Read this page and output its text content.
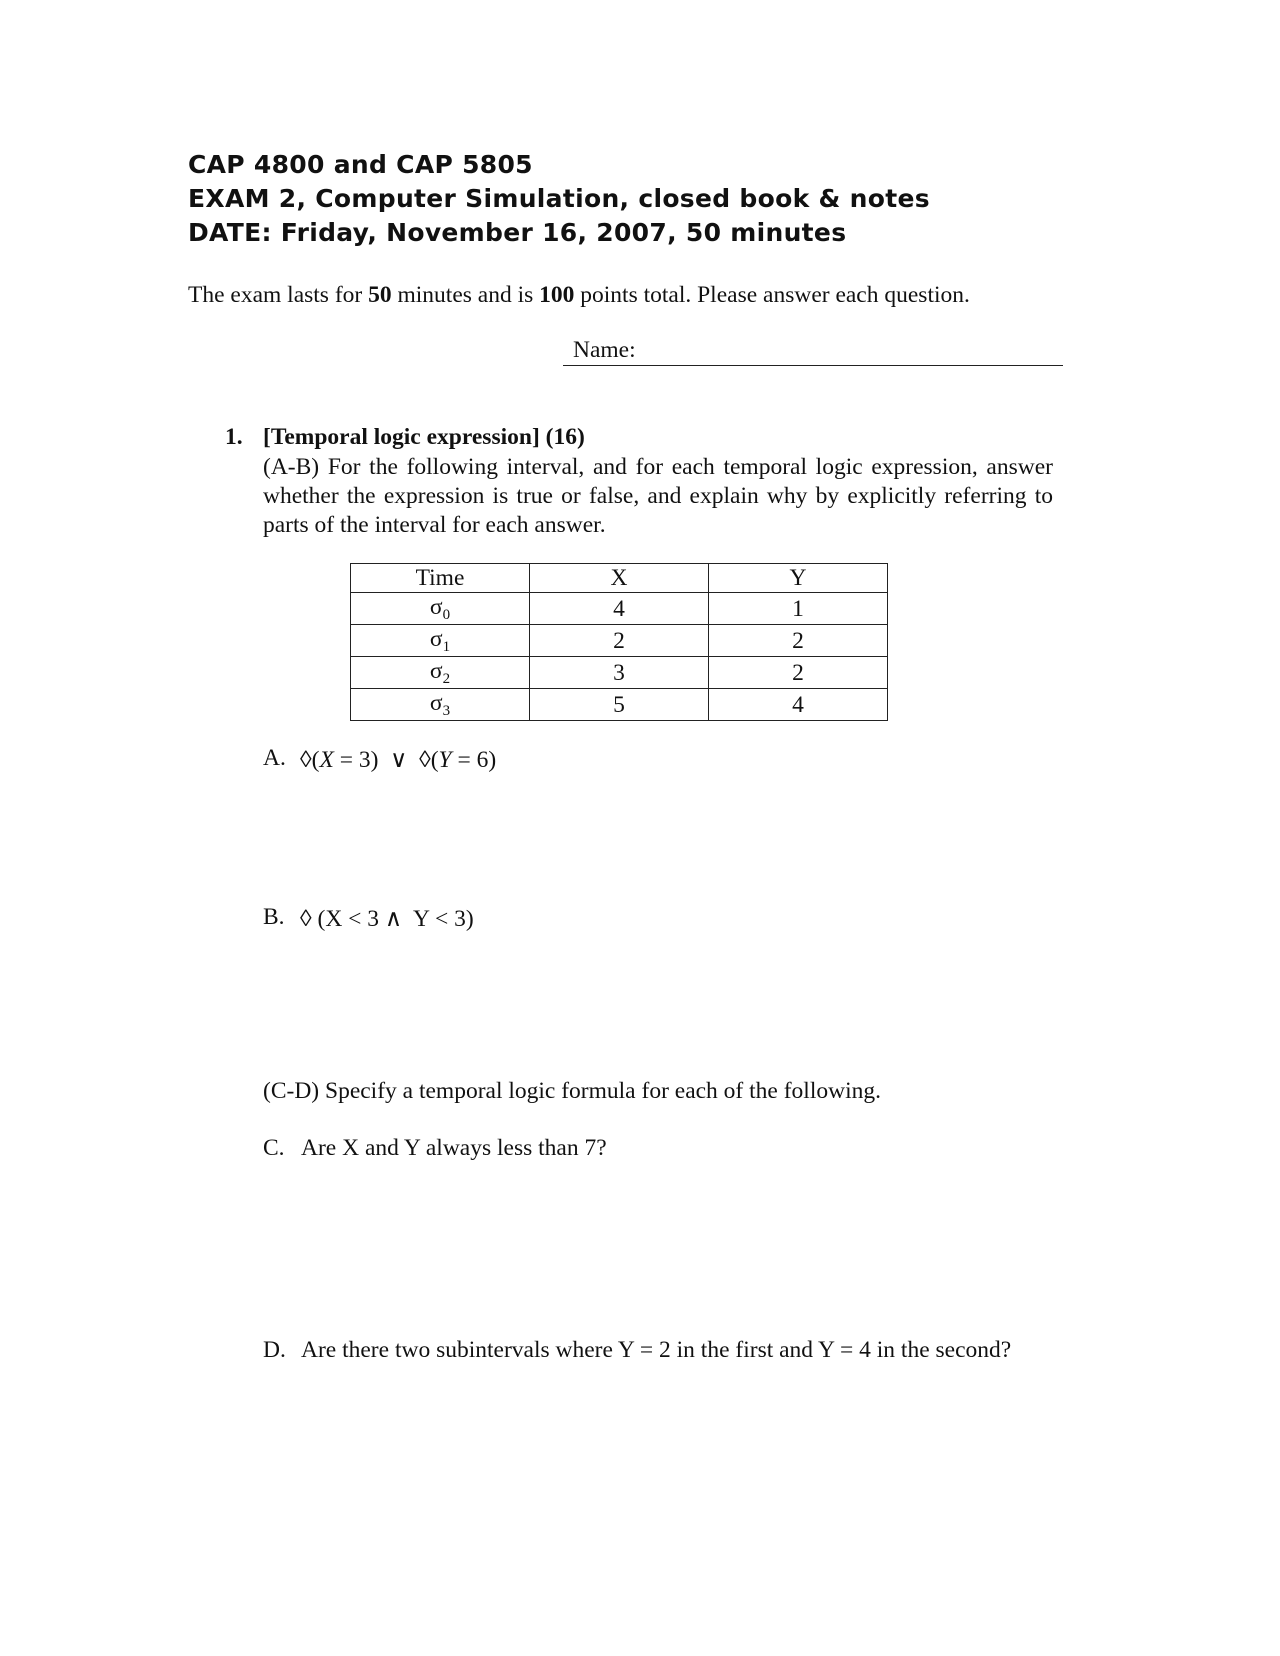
CAP 4800 and CAP 5805
EXAM 2, Computer Simulation, closed book & notes
DATE: Friday, November 16, 2007, 50 minutes
The exam lasts for 50 minutes and is 100 points total. Please answer each question.
Name:
1. [Temporal logic expression] (16)
(A-B) For the following interval, and for each temporal logic expression, answer whether the expression is true or false, and explain why by explicitly referring to parts of the interval for each answer.
Time	X	Y
$\sigma_0$	4	1
$\sigma_1$	2	2
$\sigma_2$	3	2
$\sigma_3$	5	4
A. ◊(X = 3)  ∨  ◊(Y = 6)
B. ◊ (X < 3 ∧  Y < 3)
(C-D) Specify a temporal logic formula for each of the following.
C. Are X and Y always less than 7?
D. Are there two subintervals where Y = 2 in the first and Y = 4 in the second?
